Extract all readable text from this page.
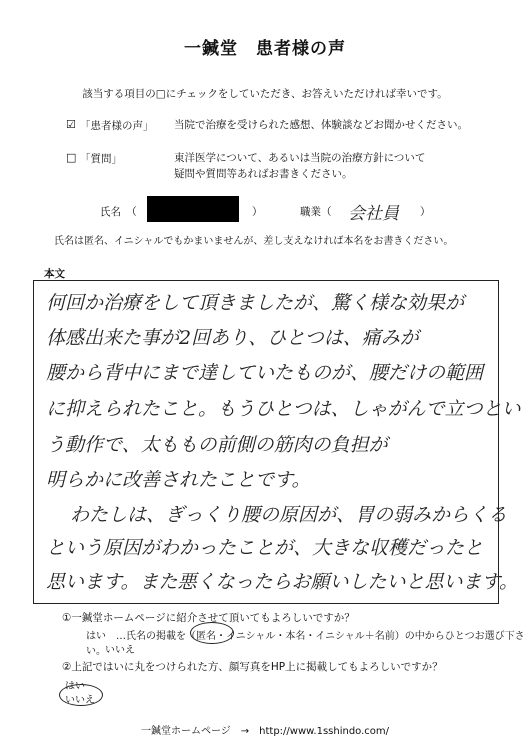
一鍼堂　患者様の声
該当する項目の□にチェックをしていただき、お答えいただければ幸いです。
☑ 「患者様の声」 当院で治療を受けられた感想、体験談などお聞かせください。
□ 「質問」	東洋医学について、あるいは当院の治療方針について
疑問や質問等あればお書きください。
氏名　（	）	職業（ 会社員 ）
氏名は匿名、イニシャルでもかまいませんが、差し支えなければ本名をお書きください。
本文
何回か治療をして頂きましたが、驚く様な効果が
体感出来た事が2回あり、ひとつは、痛みが
腰から背中にまで達していたものが、腰だけの範囲
に抑えられたこと。もうひとつは、しゃがんで立つとい
う動作で、太ももの前側の筋肉の負担が
明らかに改善されたことです。
わたしは、ぎっくり腰の原因が、胃の弱みからくる
という原因がわかったことが、大きな収穫だったと
思います。また悪くなったらお願いしたいと思います。
①一鍼堂ホームページに紹介させて頂いてもよろしいですか？
はい　…氏名の掲載を（匿名・イニシャル・本名・イニシャル＋名前）の中からひとつお選び下さい。 いいえ
②上記ではいに丸をつけられた方、顔写真をHP上に掲載してもよろしいですか？
はい
いいえ
一鍼堂ホームページ　→　http://www.1sshindo.com/
